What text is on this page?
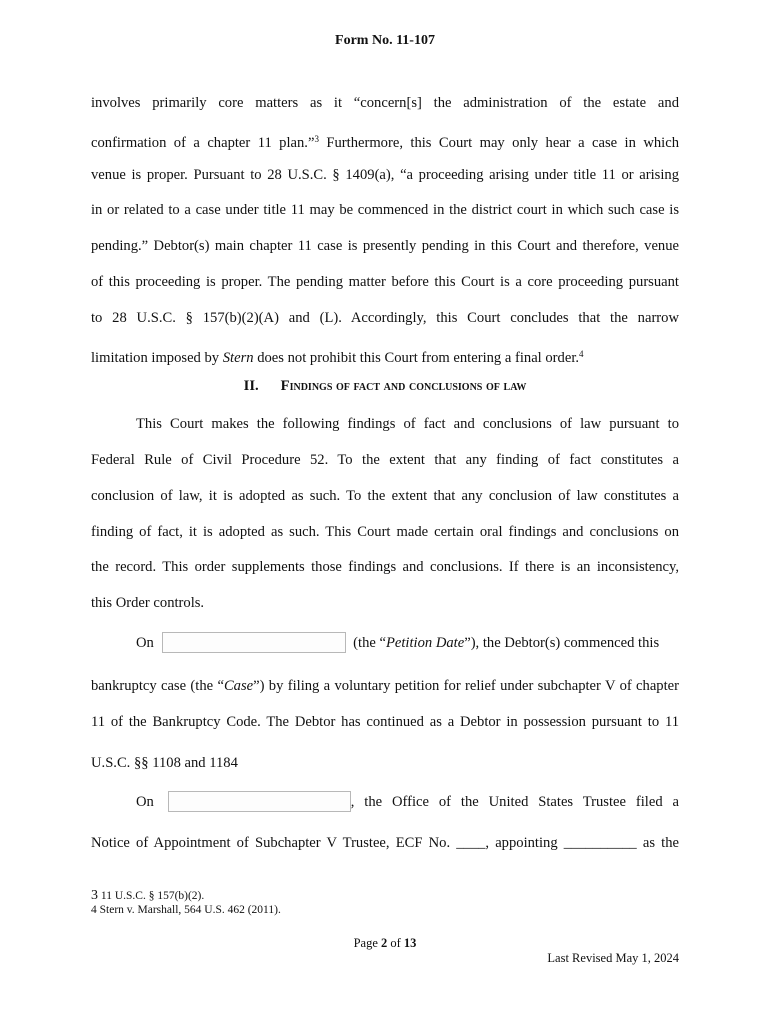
Form No. 11-107
involves primarily core matters as it “concern[s] the administration of the estate and
confirmation of a chapter 11 plan.”$^3$ Furthermore, this Court may only hear a case in which
venue is proper. Pursuant to 28 U.S.C. § 1409(a), “a proceeding arising under title 11 or arising
in or related to a case under title 11 may be commenced in the district court in which such case is
pending.” Debtor(s) main chapter 11 case is presently pending in this Court and therefore, venue
of this proceeding is proper. The pending matter before this Court is a core proceeding pursuant
to 28 U.S.C. § 157(b)(2)(A) and (L). Accordingly, this Court concludes that the narrow
limitation imposed by Stern does not prohibit this Court from entering a final order.$^4$
II. Findings of fact and conclusions of law
This Court makes the following findings of fact and conclusions of law pursuant to
Federal Rule of Civil Procedure 52. To the extent that any finding of fact constitutes a
conclusion of law, it is adopted as such. To the extent that any conclusion of law constitutes a
finding of fact, it is adopted as such. This Court made certain oral findings and conclusions on
the record. This order supplements those findings and conclusions. If there is an inconsistency,
this Order controls.
On	(the “Petition Date”), the Debtor(s) commenced this
bankruptcy case (the “Case”) by filing a voluntary petition for relief under subchapter V of chapter
11 of the Bankruptcy Code. The Debtor has continued as a Debtor in possession pursuant to 11
U.S.C. §§ 1108 and 1184
On	, the Office of the United States Trustee filed a
Notice of Appointment of Subchapter V Trustee, ECF No. ____, appointing __________ as the
3 11 U.S.C. § 157(b)(2).
4 Stern v. Marshall, 564 U.S. 462 (2011).
Page 2 of 13
Last Revised May 1, 2024
